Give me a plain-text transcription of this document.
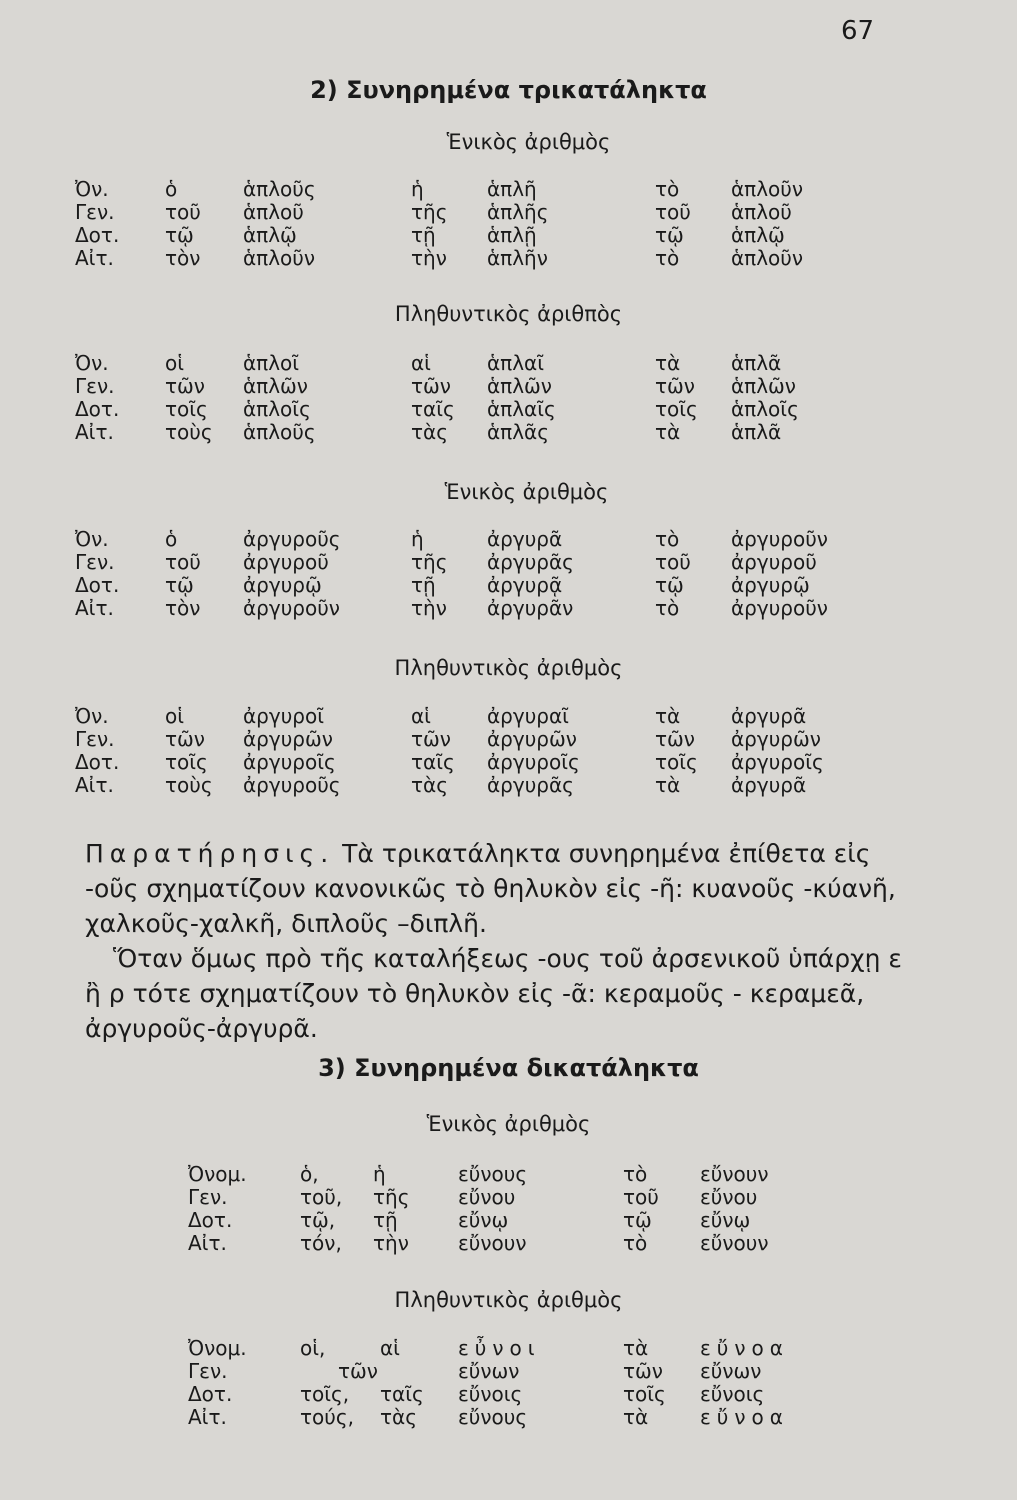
67
2) Συνηρημένα τρικατάληκτα
Ἑνικὸς ἀριθμὸς
Ὀν.	ὁ	ἁπλοῦς	ἡ	ἁπλῆ	τὸ	ἁπλοῦν
Γεν.	τοῦ ἁπλοῦ	τῆς ἁπλῆς	τοῦ ἁπλοῦ
Δοτ. τῷ ἁπλῷ	τῇ	ἁπλῇ	τῷ ἁπλῷ
Αἰτ.	τὸν ἁπλοῦν	τὴν ἁπλῆν	τὸ	ἁπλοῦν
Πληθυντικὸς ἀριθπὸς
Ὀν.	οἱ	ἁπλοῖ	αἱ	ἁπλαῖ	τὰ	ἁπλᾶ
Γεν.	τῶν ἁπλῶν	τῶν ἁπλῶν	τῶν ἁπλῶν
Δοτ. τοῖς ἁπλοῖς	ταῖς ἁπλαῖς	τοῖς ἁπλοῖς
Αἰτ.	τοὺς ἁπλοῦς	τὰς ἁπλᾶς	τὰ	ἁπλᾶ
Ἑνικὸς ἀριθμὸς
Ὀν.	ὁ	ἀργυροῦς	ἡ	ἀργυρᾶ	τὸ	ἀργυροῦν
Γεν.	τοῦ ἀργυροῦ	τῆς ἀργυρᾶς	τοῦ ἀργυροῦ
Δοτ. τῷ ἀργυρῷ	τῇ	ἀργυρᾷ	τῷ ἀργυρῷ
Αἰτ.	τὸν ἀργυροῦν	τὴν ἀργυρᾶν	τὸ	ἀργυροῦν
Πληθυντικὸς ἀριθμὸς
Ὀν.	οἱ	ἀργυροῖ	αἱ	ἀργυραῖ	τὰ	ἀργυρᾶ
Γεν.	τῶν ἀργυρῶν	τῶν ἀργυρῶν	τῶν ἀργυρῶν
Δοτ. τοῖς ἀργυροῖς	ταῖς ἀργυροῖς	τοῖς ἀργυροῖς
Αἰτ.	τοὺς ἀργυροῦς	τὰς ἀργυρᾶς	τὰ	ἀργυρᾶ

Παρατήρησις. Τὰ τρικατάληκτα συνηρημένα ἐπίθετα εἰς -οῦς σχηματίζουν κανονικῶς τὸ θηλυκὸν εἰς -ῆ: κυανοῦς -κύανῆ, χαλκοῦς-χαλκῆ, διπλοῦς –διπλῆ.

Ὅταν ὅμως πρὸ τῆς καταλήξεως -ους τοῦ ἀρσενικοῦ ὑπάρχῃ ε ἢ ρ τότε σχηματίζουν τὸ θηλυκὸν εἰς -ᾶ: κεραμοῦς - κεραμεᾶ, ἀργυροῦς-ἀργυρᾶ.

3) Συνηρημένα δικατάληκτα
Ἑνικὸς ἀριθμὸς
Ὀνομ.	ὁ,	ἡ	εὔνους	τὸ	εὔνουν
Γεν.	τοῦ, τῆς εὔνου	τοῦ εὔνου
Δοτ.	τῷ, τῇ	εὔνῳ	τῷ εὔνῳ
Αἰτ.	τόν, τὴν εὔνουν	τὸ	εὔνουν
Πληθυντικὸς ἀριθμὸς
Ὀνομ.	οἱ,	αἱ	εὖνοι	τὰ	εὔνοα
Γεν.	τῶν	εὔνων	τῶν εὔνων
Δοτ.	τοῖς, ταῖς εὔνοις	τοῖς εὔνοις
Αἰτ.	τούς, τὰς εὔνους	τὰ	εὔνοα
